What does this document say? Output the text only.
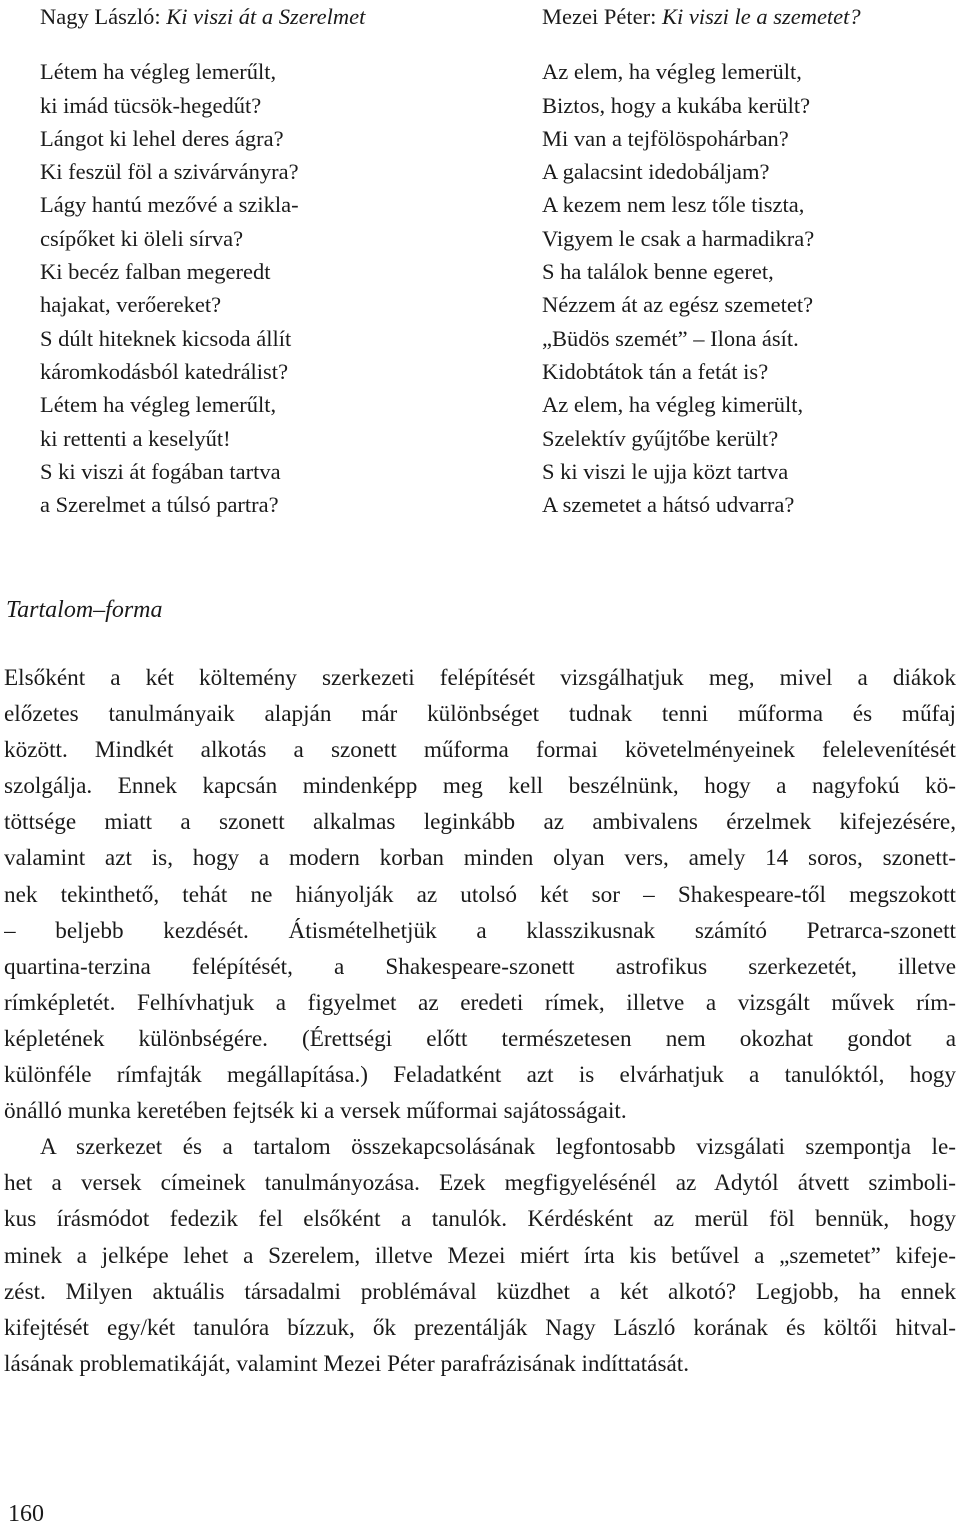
Nagy László: Ki viszi át a Szerelmet
Létem ha végleg lemerűlt,
ki imád tücsök-hegedűt?
Lángot ki lehel deres ágra?
Ki feszül föl a szivárványra?
Lágy hantú mezővé a szikla-
csípőket ki öleli sírva?
Ki becéz falban megeredt
hajakat, verőereket?
S dúlt hiteknek kicsoda állít
káromkodásból katedrálist?
Létem ha végleg lemerűlt,
ki rettenti a keselyűt!
S ki viszi át fogában tartva
a Szerelmet a túlsó partra?
Mezei Péter: Ki viszi le a szemetet?
Az elem, ha végleg lemerült,
Biztos, hogy a kukába került?
Mi van a tejfölöspohárban?
A galacsint idedobáljam?
A kezem nem lesz tőle tiszta,
Vigyem le csak a harmadikra?
S ha találok benne egeret,
Nézzem át az egész szemetet?
„Büdös szemét” – Ilona ásít.
Kidobtátok tán a fetát is?
Az elem, ha végleg kimerült,
Szelektív gyűjtőbe került?
S ki viszi le ujja közt tartva
A szemetet a hátsó udvarra?
Tartalom–forma
Elsőként a két költemény szerkezeti felépítését vizsgálhatjuk meg, mivel a diákok
előzetes tanulmányaik alapján már különbséget tudnak tenni műforma és műfaj
között. Mindkét alkotás a szonett műforma formai követelményeinek felelevenítését
szolgálja. Ennek kapcsán mindenképp meg kell beszélnünk, hogy a nagyfokú kö-
töttsége miatt a szonett alkalmas leginkább az ambivalens érzelmek kifejezésére,
valamint azt is, hogy a modern korban minden olyan vers, amely 14 soros, szonett-
nek tekinthető, tehát ne hiányolják az utolsó két sor – Shakespeare-től megszokott
– beljebb kezdését. Átismételhetjük a klasszikusnak számító Petrarca-szonett
quartina-terzina felépítését, a Shakespeare-szonett astrofikus szerkezetét, illetve
rímképletét. Felhívhatjuk a figyelmet az eredeti rímek, illetve a vizsgált művek rím-
képletének különbségére. (Érettségi előtt természetesen nem okozhat gondot a
különféle rímfajták megállapítása.) Feladatként azt is elvárhatjuk a tanulóktól, hogy
önálló munka keretében fejtsék ki a versek műformai sajátosságait.
A szerkezet és a tartalom összekapcsolásának legfontosabb vizsgálati szempontja le-
het a versek címeinek tanulmányozása. Ezek megfigyelésénél az Adytól átvett szimboli-
kus írásmódot fedezik fel elsőként a tanulók. Kérdésként az merül föl bennük, hogy
minek a jelképe lehet a Szerelem, illetve Mezei miért írta kis betűvel a „szemetet” kifeje-
zést. Milyen aktuális társadalmi problémával küzdhet a két alkotó? Legjobb, ha ennek
kifejtését egy/két tanulóra bízzuk, ők prezentálják Nagy László korának és költői hitval-
lásának problematikáját, valamint Mezei Péter parafrázisának indíttatását.
160
